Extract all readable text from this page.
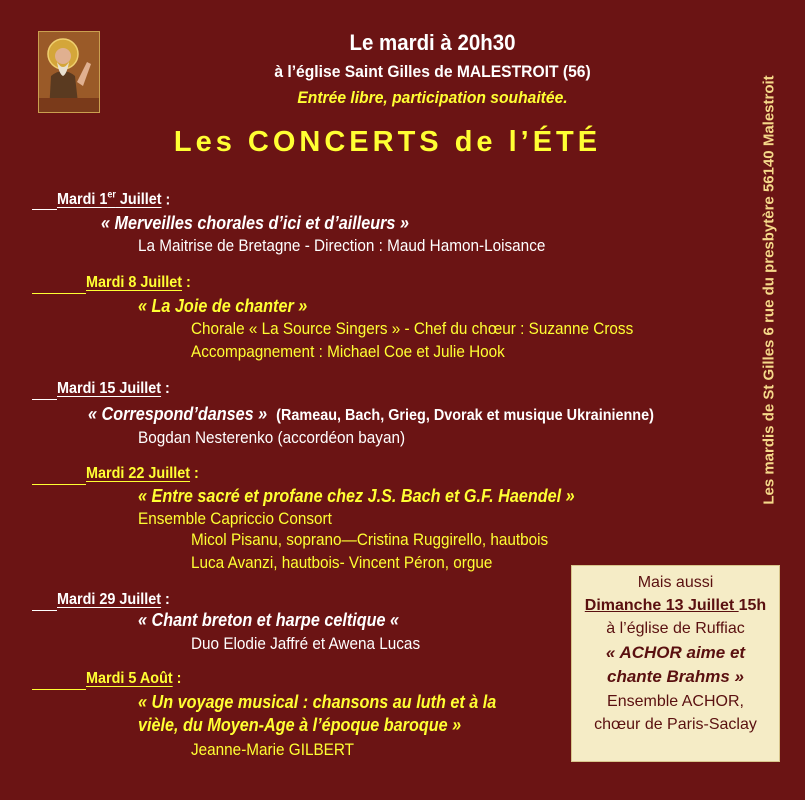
Le mardi à 20h30
à l’église Saint Gilles de MALESTROIT (56)
Entrée libre, participation souhaitée.
Les CONCERTS de l’ÉTÉ	Les mardis de St Gilles 6 rue du presbytère 56140 Malestroit
Mardi 1er Juillet :
« Merveilles chorales d’ici et d’ailleurs »
La Maitrise de Bretagne - Direction : Maud Hamon-Loisance
Mardi 8 Juillet :
« La Joie de chanter »
Chorale « La Source Singers » - Chef du chœur : Suzanne Cross
Accompagnement : Michael Coe et Julie Hook
Mardi 15 Juillet :
« Correspond’danses » (Rameau, Bach, Grieg, Dvorak et musique Ukrainienne)
Bogdan Nesterenko (accordéon bayan)
Mardi 22 Juillet :
« Entre sacré et profane chez J.S. Bach et G.F. Haendel »
Ensemble Capriccio Consort
Micol Pisanu, soprano—Cristina Ruggirello, hautbois
Luca Avanzi, hautbois- Vincent Péron, orgue
Mardi 29 Juillet :
« Chant breton et harpe celtique «
Duo Elodie Jaffré et Awena Lucas
Mardi 5 Août :
« Un voyage musical : chansons au luth et à la
vièle, du Moyen-Age à l’époque baroque »
Jeanne-Marie GILBERT
Mais aussi
Dimanche 13 Juillet 15h
à l’église de Ruffiac
« ACHOR aime et
chante Brahms »
Ensemble ACHOR,
chœur de Paris-Saclay
